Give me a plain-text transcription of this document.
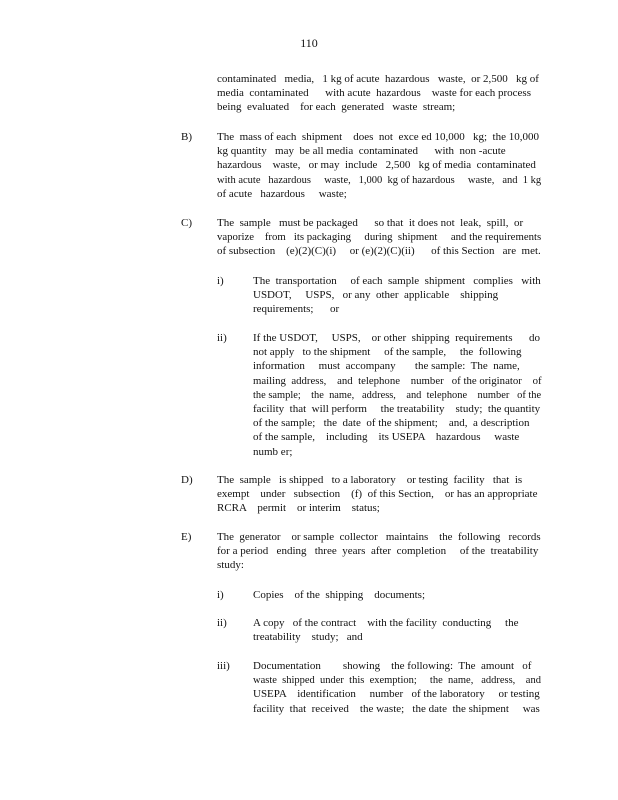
110
contaminated   media,   1 kg of acute  hazardous   waste,  or 2,500   kg of
media  contaminated      with acute  hazardous    waste for each process
being  evaluated    for each  generated   waste  stream;
B) The  mass of each  shipment    does  not  exce ed 10,000   kg;  the 10,000
kg quantity   may  be all media  contaminated      with  non -acute
hazardous    waste,   or may  include   2,500   kg of media  contaminated
with acute   hazardous     waste,   1,000  kg of hazardous     waste,   and  1 kg
of acute   hazardous     waste;
C) The  sample   must be packaged      so that  it does not  leak,  spill,  or
vaporize    from   its packaging     during  shipment     and the requirements
of subsection    (e)(2)(C)(i)     or (e)(2)(C)(ii)      of this Section   are  met.
i)	The  transportation     of each  sample  shipment   complies   with
USDOT,     USPS,   or any  other  applicable    shipping
requirements;      or
ii) If the USDOT,     USPS,    or other  shipping  requirements      do
not apply   to the shipment     of the sample,     the  following
information     must  accompany       the sample:  The  name,
mailing  address,    and  telephone    number   of the originator    of
the sample;    the  name,   address,    and  telephone    number   of the
facility  that  will perform     the treatability    study;  the quantity
of the sample;   the  date  of the shipment;    and,  a description
of the sample,    including    its USEPA    hazardous     waste
numb er;
D) The  sample   is shipped   to a laboratory    or testing  facility   that  is
exempt    under   subsection    (f)  of this Section,    or has an appropriate
RCRA    permit    or interim    status;
E) The  generator    or sample  collector   maintains    the  following   records
for a period   ending   three  years  after  completion     of the  treatability
study:
i)	Copies    of the  shipping    documents;
ii) A copy   of the contract    with the facility  conducting     the
treatability    study;   and
iii) Documentation        showing    the following:  The  amount   of
waste  shipped  under  this  exemption;     the  name,   address,    and
USEPA    identification     number   of the laboratory     or testing
facility  that  received    the waste;   the date  the shipment     was
